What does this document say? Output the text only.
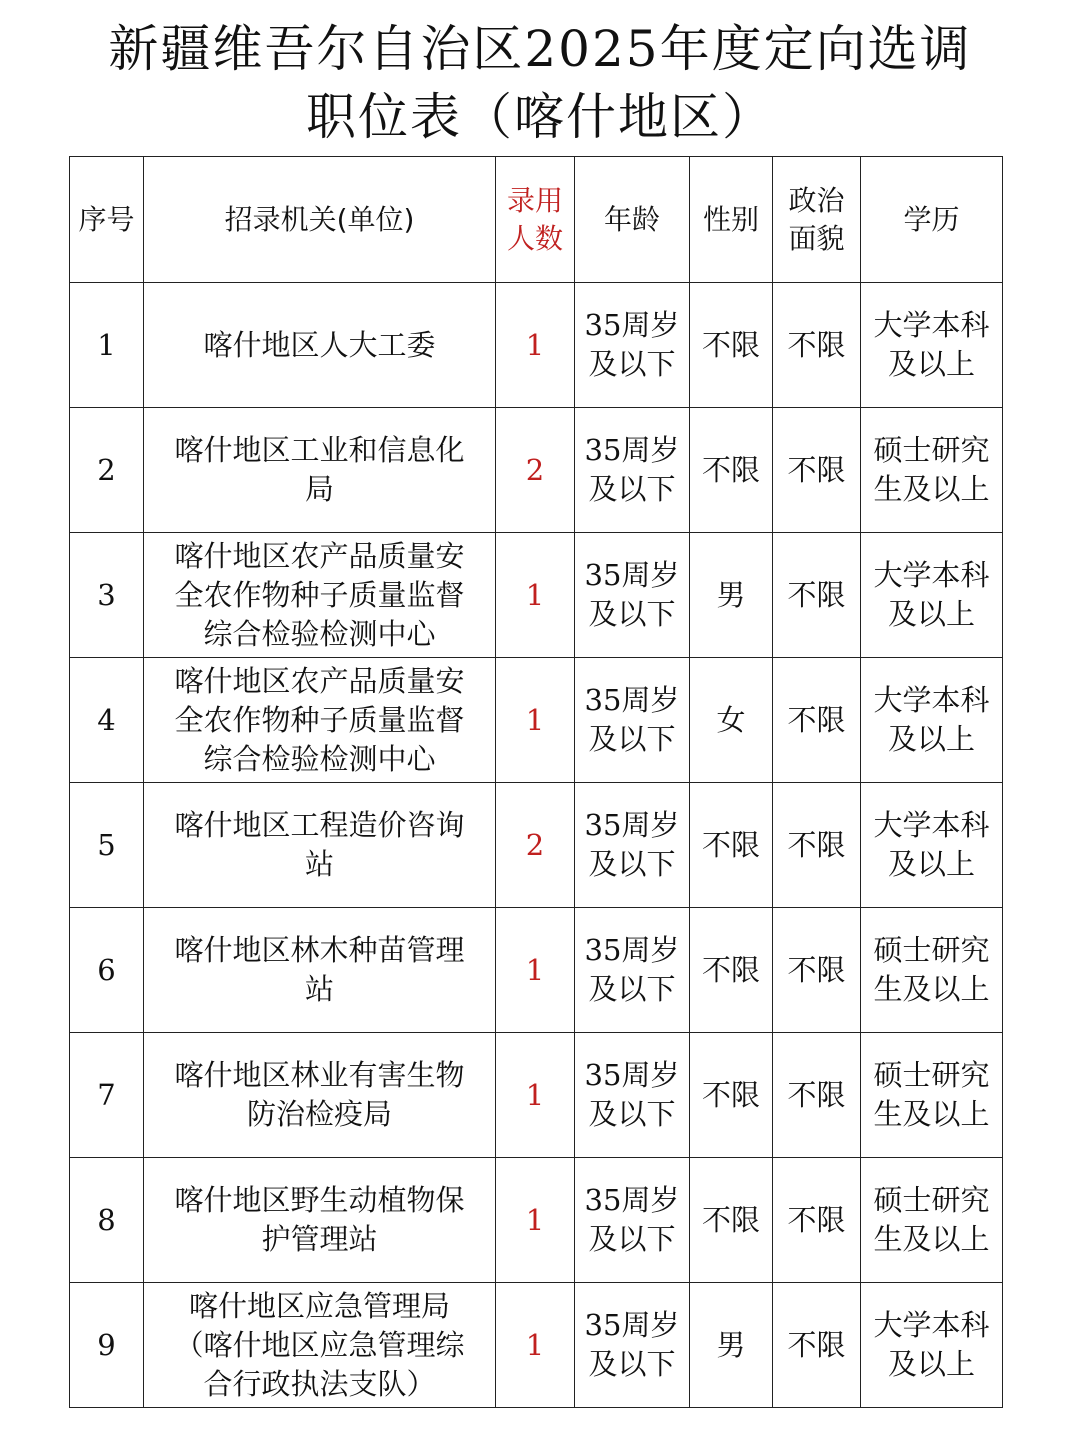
新疆维吾尔自治区2025年度定向选调
职位表（喀什地区）
序号	招录机关(单位)	录用
人数	年龄	性别	政治
面貌	学历
1	喀什地区人大工委	1	35周岁
及以下	不限	不限	大学本科
及以上

2	喀什地区工业和信息化
局	2	35周岁
及以下	不限	不限	硕士研究
生及以上

3	喀什地区农产品质量安
全农作物种子质量监督
综合检验检测中心	1	35周岁
及以下	男	不限	大学本科
及以上

4	喀什地区农产品质量安
全农作物种子质量监督
综合检验检测中心	1	35周岁
及以下	女	不限	大学本科
及以上

5	喀什地区工程造价咨询
站	2	35周岁
及以下	不限	不限	大学本科
及以上

6	喀什地区林木种苗管理
站	1	35周岁
及以下	不限	不限	硕士研究
生及以上

7	喀什地区林业有害生物
防治检疫局	1	35周岁
及以下	不限	不限	硕士研究
生及以上

8	喀什地区野生动植物保
护管理站	1	35周岁
及以下	不限	不限	硕士研究
生及以上

9	喀什地区应急管理局
（喀什地区应急管理综
合行政执法支队）	1	35周岁
及以下	男	不限	大学本科
及以上
